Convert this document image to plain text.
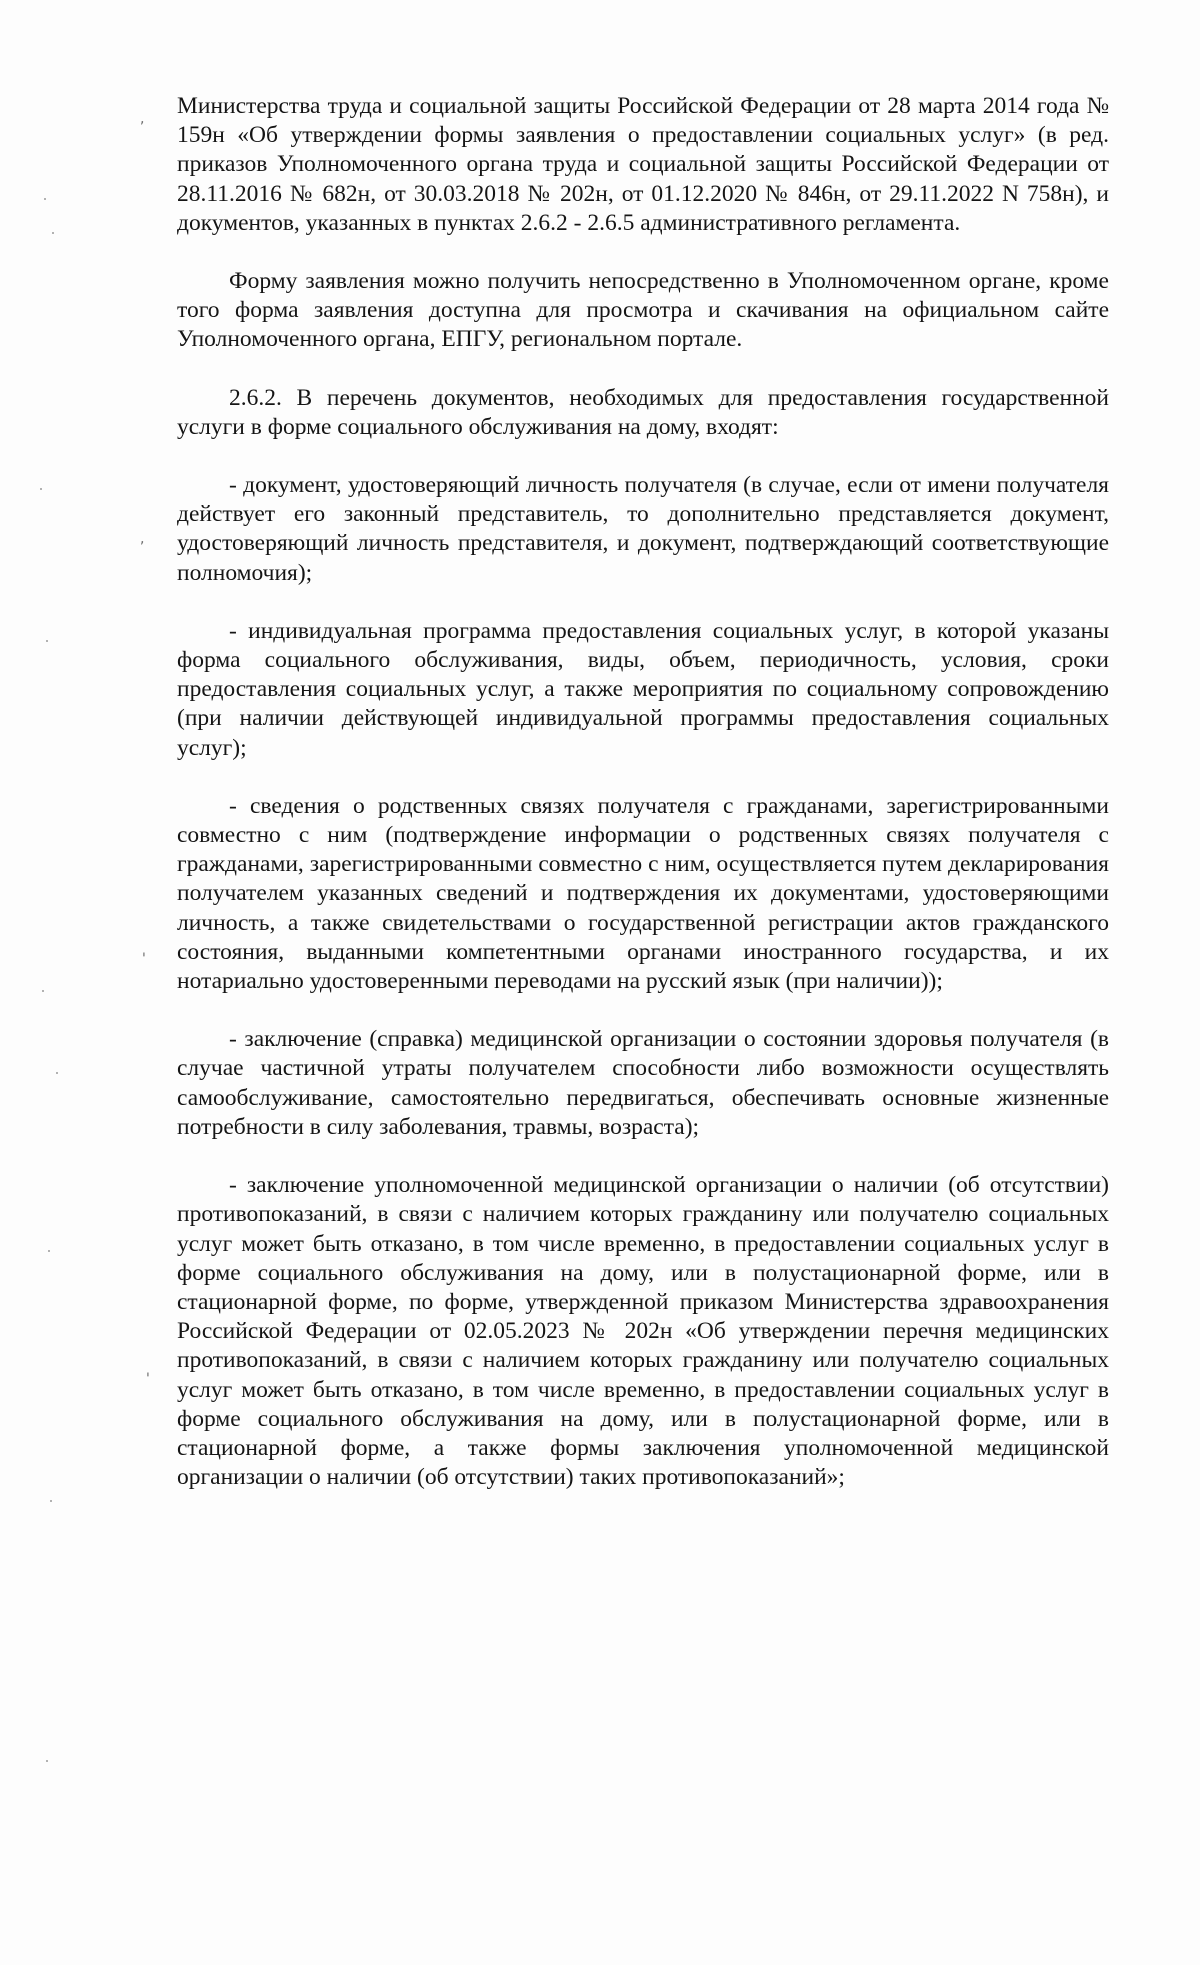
,
,
'
'

Министерства труда и социальной защиты Российской Федерации от 28 марта 2014 года № 159н «Об утверждении формы заявления о предоставлении социальных услуг» (в ред. приказов Уполномоченного органа труда и социальной защиты Российской Федерации от 28.11.2016 № 682н, от 30.03.2018 № 202н, от 01.12.2020 № 846н, от 29.11.2022 N 758н), и документов, указанных в пунктах 2.6.2 - 2.6.5 административного регламента.

Форму заявления можно получить непосредственно в Уполномоченном органе, кроме того форма заявления доступна для просмотра и скачивания на официальном сайте Уполномоченного органа, ЕПГУ, региональном портале.

2.6.2. В перечень документов, необходимых для предоставления государственной услуги в форме социального обслуживания на дому, входят:

- документ, удостоверяющий личность получателя (в случае, если от имени получателя действует его законный представитель, то дополнительно представляется документ, удостоверяющий личность представителя, и документ, подтверждающий соответствующие полномочия);

- индивидуальная программа предоставления социальных услуг, в которой указаны форма социального обслуживания, виды, объем, периодичность, условия, сроки предоставления социальных услуг, а также мероприятия по социальному сопровождению (при наличии действующей индивидуальной программы предоставления социальных услуг);

- сведения о родственных связях получателя с гражданами, зарегистрированными совместно с ним (подтверждение информации о родственных связях получателя с гражданами, зарегистрированными совместно с ним, осуществляется путем декларирования получателем указанных сведений и подтверждения их документами, удостоверяющими личность, а также свидетельствами о государственной регистрации актов гражданского состояния, выданными компетентными органами иностранного государства, и их нотариально удостоверенными переводами на русский язык (при наличии));

- заключение (справка) медицинской организации о состоянии здоровья получателя (в случае частичной утраты получателем способности либо возможности осуществлять самообслуживание, самостоятельно передвигаться, обеспечивать основные жизненные потребности в силу заболевания, травмы, возраста);

- заключение уполномоченной медицинской организации о наличии (об отсутствии) противопоказаний, в связи с наличием которых гражданину или получателю социальных услуг может быть отказано, в том числе временно, в предоставлении социальных услуг в форме социального обслуживания на дому, или в полустационарной форме, или в стационарной форме, по форме, утвержденной приказом Министерства здравоохранения Российской Федерации от 02.05.2023 № 202н «Об утверждении перечня медицинских противопоказаний, в связи с наличием которых гражданину или получателю социальных услуг может быть отказано, в том числе временно, в предоставлении социальных услуг в форме социального обслуживания на дому, или в полустационарной форме, или в стационарной форме, а также формы заключения уполномоченной медицинской организации о наличии (об отсутствии) таких противопоказаний»;
